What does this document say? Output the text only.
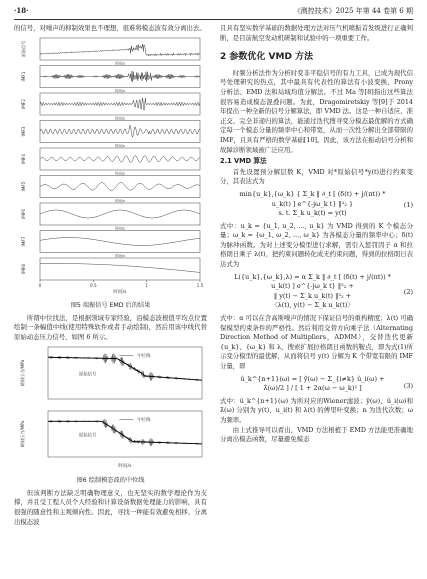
·18·	《测控技术》2025 年第 44 卷第 6 期

的信号，对噪声的抑制效果也不理想，很难将模态波有效分离出去。

原始信号
IMF1
IMF2
IMF3
IMF4
IMF5
IMF6
IMF7
IMF8
0	0.5	1	1.5
时间/s
时间/s
时间/s
时间/s
时间/s
时间/s
时间/s
时间/s
时间/s
图5 端振信号 EMD 后的结果

所谓中位找法，是根据领域专家经验，沿模态波根值平均点位置绘制一条幅值中线(使用特殊软件或者手动绘制)，然后用该中线代替原始动态压力信号，如图 6 所示。

喷射压力/MPa
中位线
原始信号
喷射压力/MPa
中位线
原始信号
时间/s
图6 绘制模态波的中位线

但该判断方法缺乏明确物理意义，也无坚实的数学理论作为支撑，并且受工程人员个人经验和计算设备数据处理能力的影响，具有很强的随意性和主观倾向性。因此，寻找一种能有效避免相移、分离出模态波

且具有坚实数学基础的数据处理方法对压气机喷振首发级进行正确判断，是目前航空发动机研制和试验中的一项重要工作。

2 参数优化 VMD 方法

时频分析法作为分析时变非平稳信号的有力工具，已成为现代信号处理研究的热点，其中最具有代表性的算法有小波变换、Prony 分析法、EMD 法和局域均值分解法。不过 Ma 等[8]指出这些算法很容易造成模态混叠问题。为此，Dragomiretskiy 等[9]于 2014 年提出一种全新的信号分解算法，即 VMD 法。这是一种自适应、准正交、完全非递归的算法，能通过迭代搜寻变分模态最优解的方式确定每一个模态分量的频率中心和带宽，从而一次性分解出全部带限的 IMF，且具有严格的数学基础[10]。因此，该方法在振动信号分析和故障诊断领域被广泛应用。

2.1 VMD 算法

首先设置预分解层数 K，VMD 对*原始信号*y(t)进行约束变分，其表达式为

min{u_k},{ω_k} { Σ_k ‖ ∂_t [ (δ(t) + j/(πt)) * u_k(t) ] e^{-jω_k t} ‖²₂ }
s. t. Σ_k u_k(t) = y(t)
(1)

式中：u_k = {u_1, u_2, …, u_k} 为 VMD 得到的 K 个模态分量；ω_k = {ω_1, ω_2, …, ω_k} 为各模态分量的频率中心；δ(t) 为脉冲函数。为对上述变分模型进行求解，需引入惩罚因子 α 和拉格朗日乘子 λ(t)，把约束问题转化成无约束问题，得到的拉格朗日表达式为

L({u_k},{ω_k},λ) = α Σ_k ‖ ∂_t [ (δ(t) + j/(πt)) * u_k(t) ] e^{-jω_k t} ‖²₂ +
‖ y(t) − Σ_k u_k(t) ‖²₂ +
〈λ(t), y(t) − Σ_k u_k(t)〉
(2)

式中：α 可以在含高斯噪声的情况下保证信号的重构精度；λ(t) 可确保模型约束条件的严格性。然后利用交替方向乘子法（Alternating Direction Method of Multipliers，ADMM），交替迭代更新 {u_k}、{ω_k} 和 λ，搜索扩展拉格朗日函数的鞍点，即为式(1)所示变分模型的最优解，从而将信号 y(t) 分解为 K 个带宽有限的 IMF 分量，即

û_k^{n+1}(ω) = [ ŷ(ω) − Σ_{i≠k} û_i(ω) + λ̂(ω)/2 ] / [ 1 + 2α(ω − ω_k)² ]	(3)

式中：û_k^{n+1}(ω) 为所对应的Wiener滤波；ŷ(ω)、û_i(ω)和 λ̂(ω) 分别为 y(t)、u_i(t) 和 λ(t) 的傅里叶变换；n 为迭代次数；ω 为频率。

由上式推导可以看出，VMD 方法根植于 EMD 方法能更准确地分离出模态函数，尽量避免模态
